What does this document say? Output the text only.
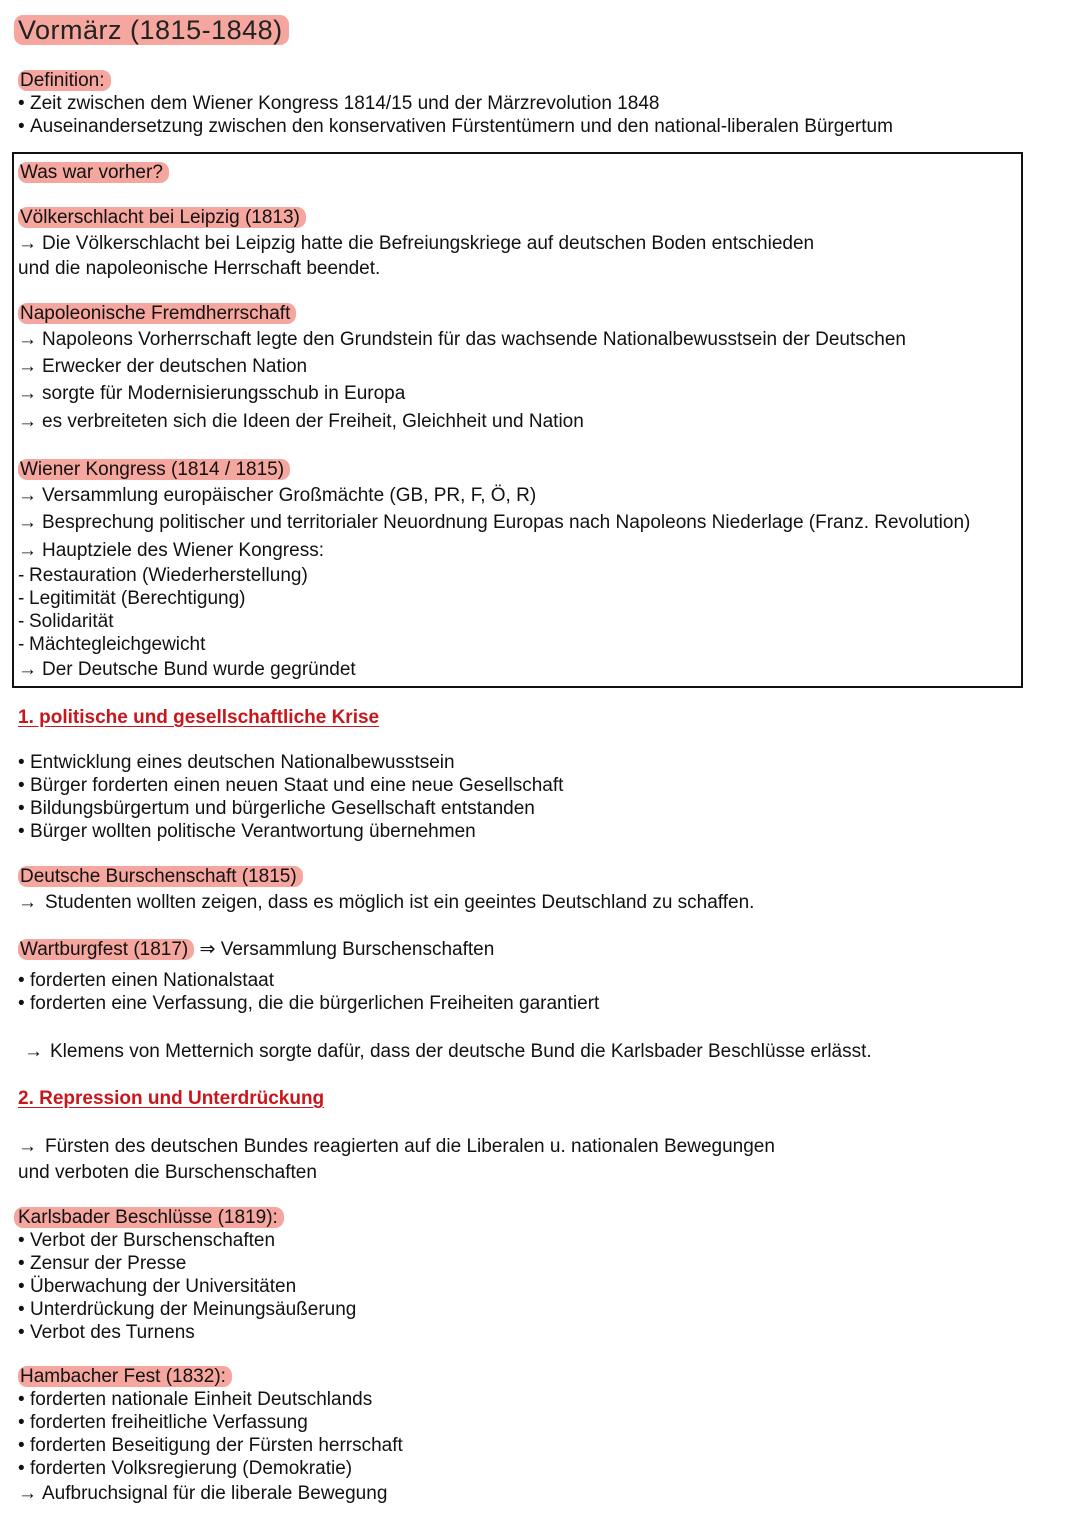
Vormärz (1815-1848)
Definition:
• Zeit zwischen dem Wiener Kongress 1814/15 und der Märzrevolution 1848
• Auseinandersetzung zwischen den konservativen Fürstentümern und den national-liberalen Bürgertum
Was war vorher?
Völkerschlacht bei Leipzig (1813)
→ Die Völkerschlacht bei Leipzig hatte die Befreiungskriege auf deutschen Boden entschieden
und die napoleonische Herrschaft beendet.
Napoleonische Fremdherrschaft
→ Napoleons Vorherrschaft legte den Grundstein für das wachsende Nationalbewusstsein der Deutschen
→ Erwecker der deutschen Nation
→ sorgte für Modernisierungsschub in Europa
→ es verbreiteten sich die Ideen der Freiheit, Gleichheit und Nation
Wiener Kongress (1814 / 1815)
→ Versammlung europäischer Großmächte (GB, PR, F, Ö, R)
→ Besprechung politischer und territorialer Neuordnung Europas nach Napoleons Niederlage (Franz. Revolution)
→ Hauptziele des Wiener Kongress:
- Restauration (Wiederherstellung)
- Legitimität (Berechtigung)
- Solidarität
- Mächtegleichgewicht
→ Der Deutsche Bund wurde gegründet
1. politische und gesellschaftliche Krise
• Entwicklung eines deutschen Nationalbewusstsein
• Bürger forderten einen neuen Staat und eine neue Gesellschaft
• Bildungsbürgertum und bürgerliche Gesellschaft entstanden
• Bürger wollten politische Verantwortung übernehmen
Deutsche Burschenschaft (1815)
→ Studenten wollten zeigen, dass es möglich ist ein geeintes Deutschland zu schaffen.
Wartburgfest (1817) ⇒ Versammlung Burschenschaften
• forderten einen Nationalstaat
• forderten eine Verfassung, die die bürgerlichen Freiheiten garantiert
→ Klemens von Metternich sorgte dafür, dass der deutsche Bund die Karlsbader Beschlüsse erlässt.
2. Repression und Unterdrückung
→ Fürsten des deutschen Bundes reagierten auf die Liberalen u. nationalen Bewegungen
und verboten die Burschenschaften
Karlsbader Beschlüsse (1819):
• Verbot der Burschenschaften
• Zensur der Presse
• Überwachung der Universitäten
• Unterdrückung der Meinungsäußerung
• Verbot des Turnens
Hambacher Fest (1832):
• forderten nationale Einheit Deutschlands
• forderten freiheitliche Verfassung
• forderten Beseitigung der Fürsten herrschaft
• forderten Volksregierung (Demokratie)
→ Aufbruchsignal für die liberale Bewegung
